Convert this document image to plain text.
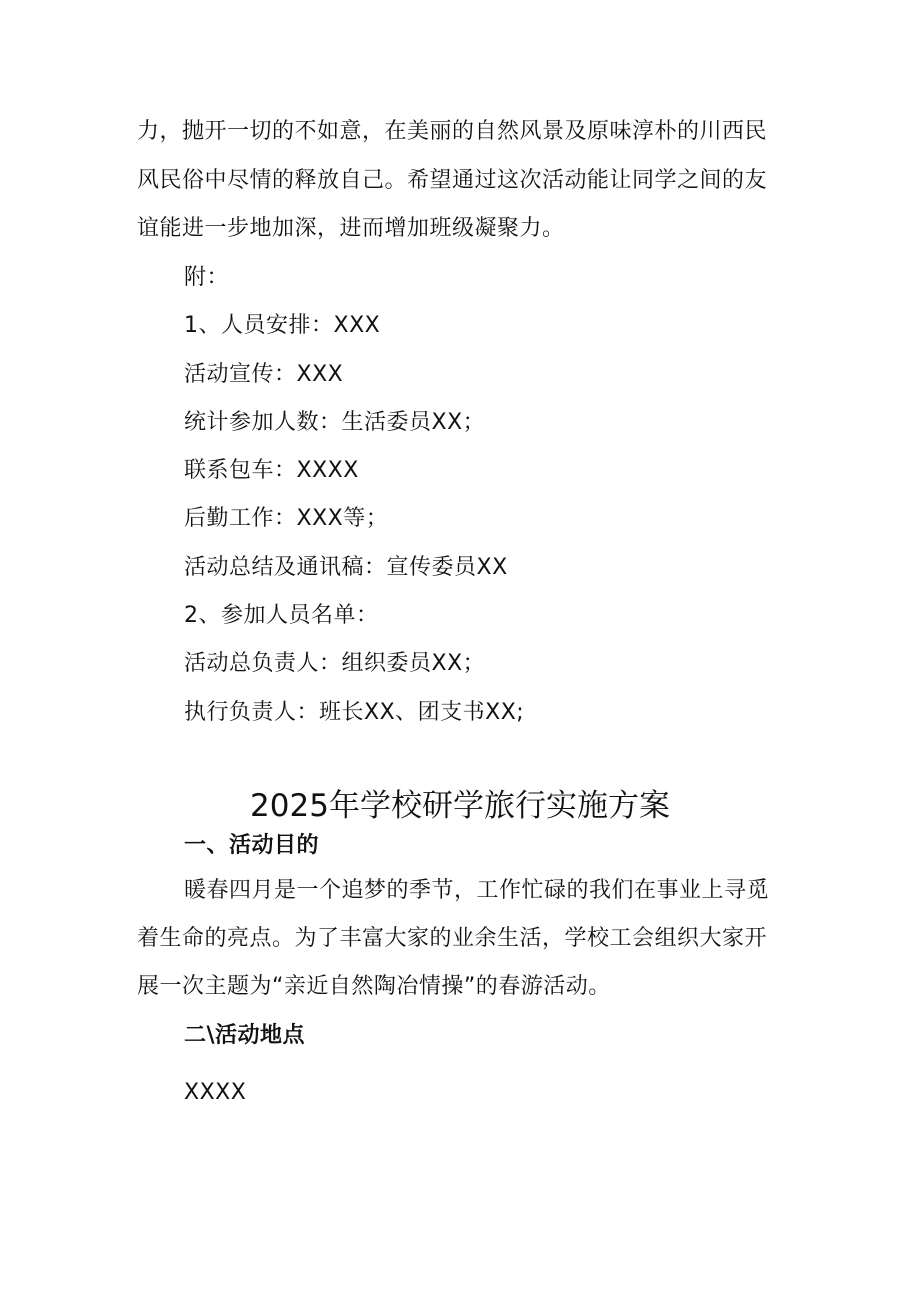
力，抛开一切的不如意，在美丽的自然风景及原味淳朴的川西民
风民俗中尽情的释放自己。希望通过这次活动能让同学之间的友
谊能进一步地加深，进而增加班级凝聚力。
附：
1、人员安排：XXX
活动宣传：XXX
统计参加人数：生活委员XX；
联系包车：XXXX
后勤工作：XXX等；
活动总结及通讯稿：宣传委员XX
2、参加人员名单：
活动总负责人：组织委员XX；
执行负责人：班长XX、团支书XX;
2025年学校研学旅行实施方案
一、活动目的
暖春四月是一个追梦的季节，工作忙碌的我们在事业上寻觅
着生命的亮点。为了丰富大家的业余生活，学校工会组织大家开
展一次主题为“亲近自然陶冶情操”的春游活动。
二\活动地点
XXXX
